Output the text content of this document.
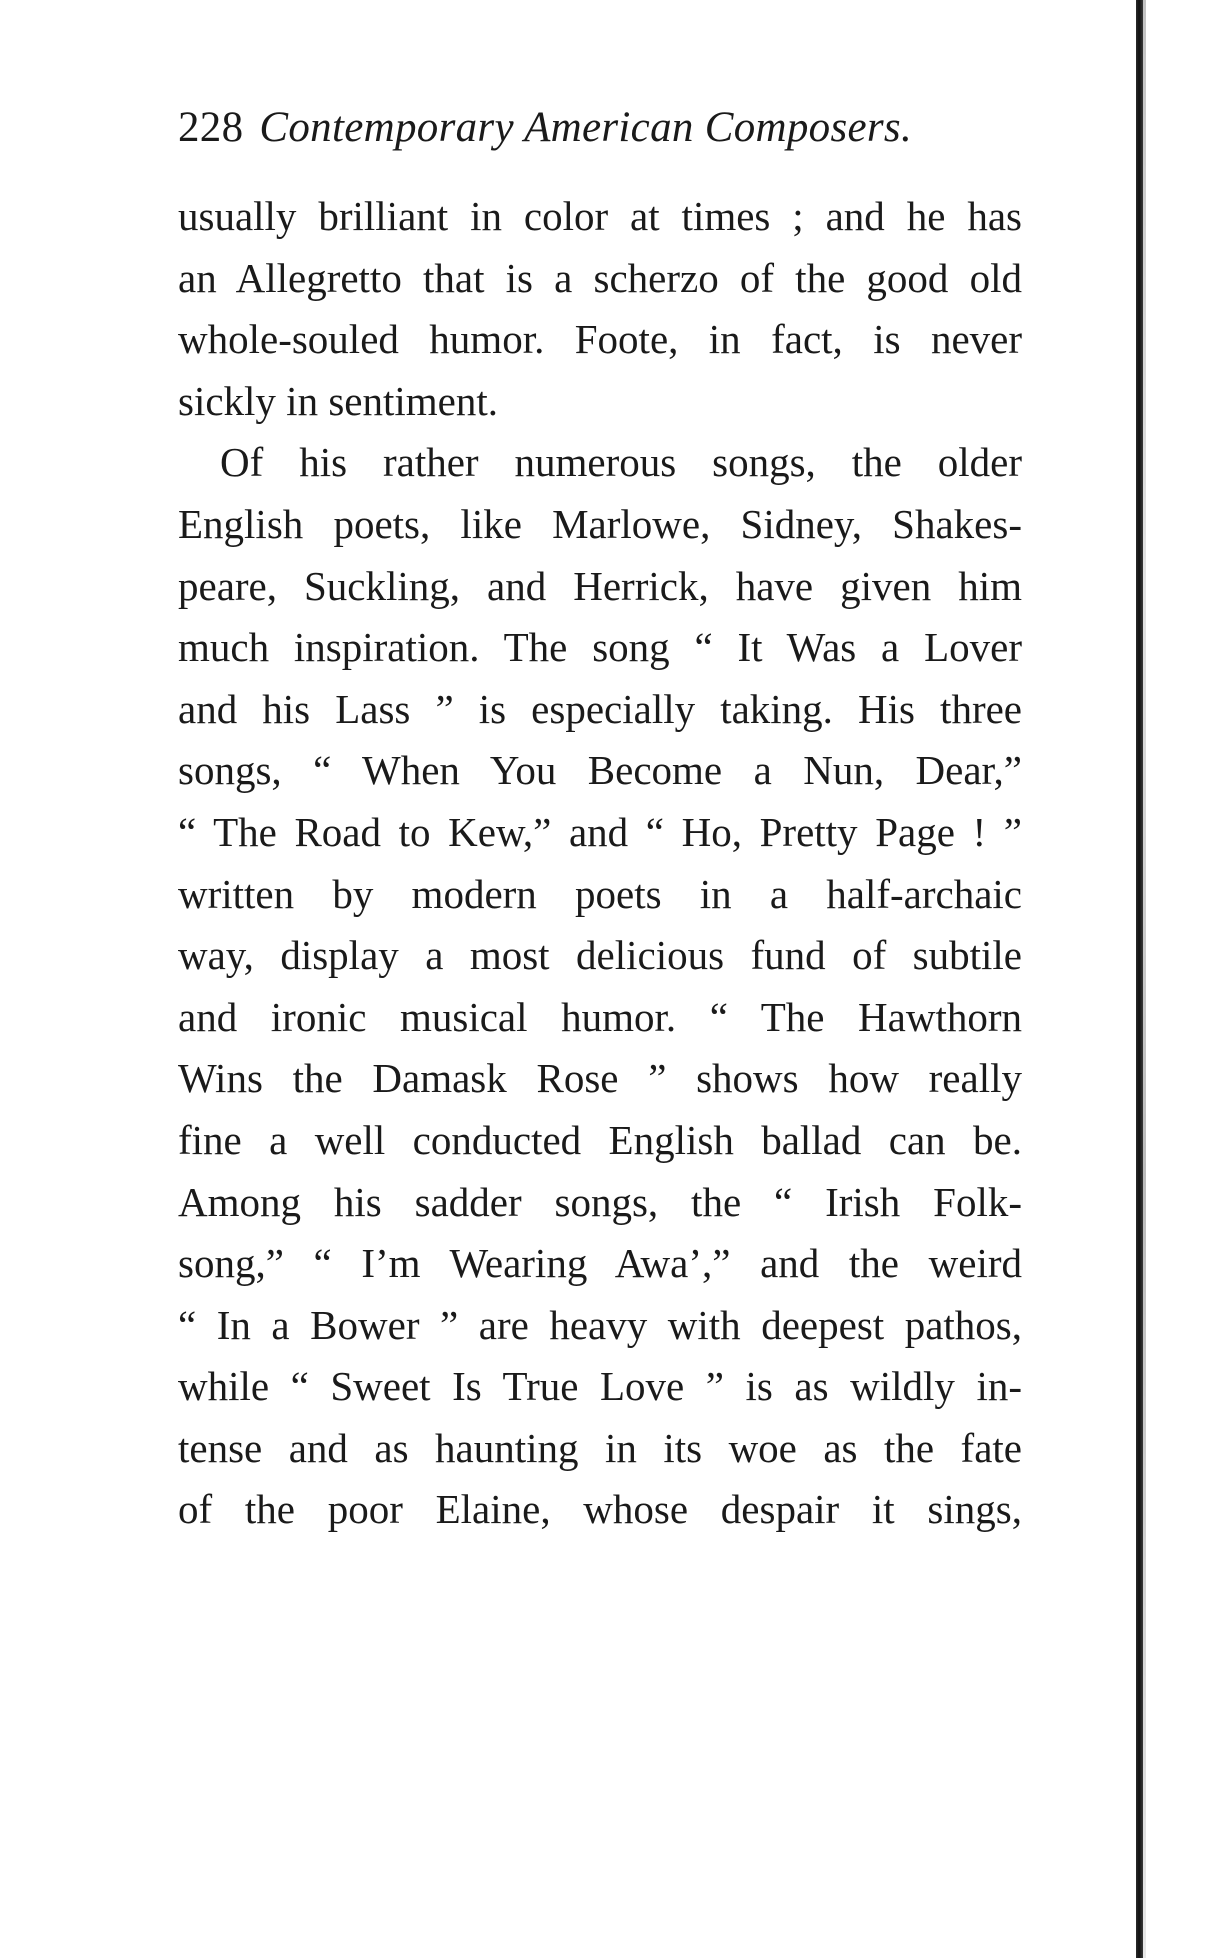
228 Contemporary American Composers.
usually brilliant in color at times ; and he has
an Allegretto that is a scherzo of the good old
whole-souled humor. Foote, in fact, is never
sickly in sentiment.
Of his rather numerous songs, the older
English poets, like Marlowe, Sidney, Shakes-
peare, Suckling, and Herrick, have given him
much inspiration. The song “ It Was a Lover
and his Lass ” is especially taking. His three
songs, “ When You Become a Nun, Dear,”
“ The Road to Kew,” and “ Ho, Pretty Page ! ”
written by modern poets in a half-archaic
way, display a most delicious fund of subtile
and ironic musical humor. “ The Hawthorn
Wins the Damask Rose ” shows how really
fine a well conducted English ballad can be.
Among his sadder songs, the “ Irish Folk-
song,” “ I’m Wearing Awa’,” and the weird
“ In a Bower ” are heavy with deepest pathos,
while “ Sweet Is True Love ” is as wildly in-
tense and as haunting in its woe as the fate
of the poor Elaine, whose despair it sings,
